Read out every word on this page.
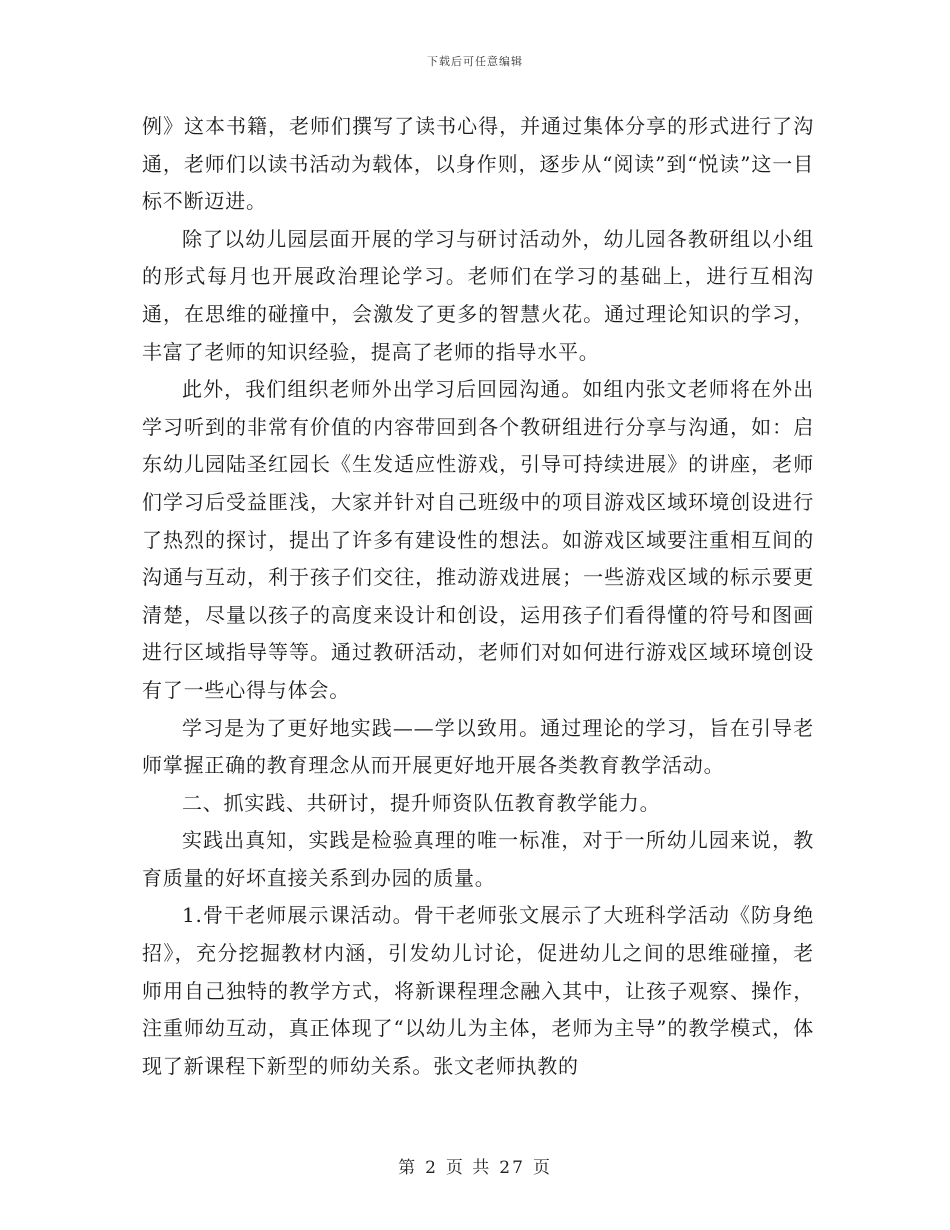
下载后可任意编辑

例》这本书籍，老师们撰写了读书心得，并通过集体分享的形式进行了沟通，老师们以读书活动为载体，以身作则，逐步从“阅读”到“悦读”这一目标不断迈进。

除了以幼儿园层面开展的学习与研讨活动外，幼儿园各教研组以小组的形式每月也开展政治理论学习。老师们在学习的基础上，进行互相沟通，在思维的碰撞中，会激发了更多的智慧火花。通过理论知识的学习，丰富了老师的知识经验，提高了老师的指导水平。

此外，我们组织老师外出学习后回园沟通。如组内张文老师将在外出学习听到的非常有价值的内容带回到各个教研组进行分享与沟通，如：启东幼儿园陆圣红园长《生发适应性游戏，引导可持续进展》的讲座，老师们学习后受益匪浅，大家并针对自己班级中的项目游戏区域环境创设进行了热烈的探讨，提出了许多有建设性的想法。如游戏区域要注重相互间的沟通与互动，利于孩子们交往，推动游戏进展；一些游戏区域的标示要更清楚，尽量以孩子的高度来设计和创设，运用孩子们看得懂的符号和图画进行区域指导等等。通过教研活动，老师们对如何进行游戏区域环境创设有了一些心得与体会。

学习是为了更好地实践——学以致用。通过理论的学习，旨在引导老师掌握正确的教育理念从而开展更好地开展各类教育教学活动。

二、抓实践、共研讨，提升师资队伍教育教学能力。

实践出真知，实践是检验真理的唯一标准，对于一所幼儿园来说，教育质量的好坏直接关系到办园的质量。

1.骨干老师展示课活动。骨干老师张文展示了大班科学活动《防身绝招》，充分挖掘教材内涵，引发幼儿讨论，促进幼儿之间的思维碰撞，老师用自己独特的教学方式，将新课程理念融入其中，让孩子观察、操作，注重师幼互动，真正体现了“以幼儿为主体，老师为主导”的教学模式，体现了新课程下新型的师幼关系。张文老师执教的

第 2 页 共 27 页
